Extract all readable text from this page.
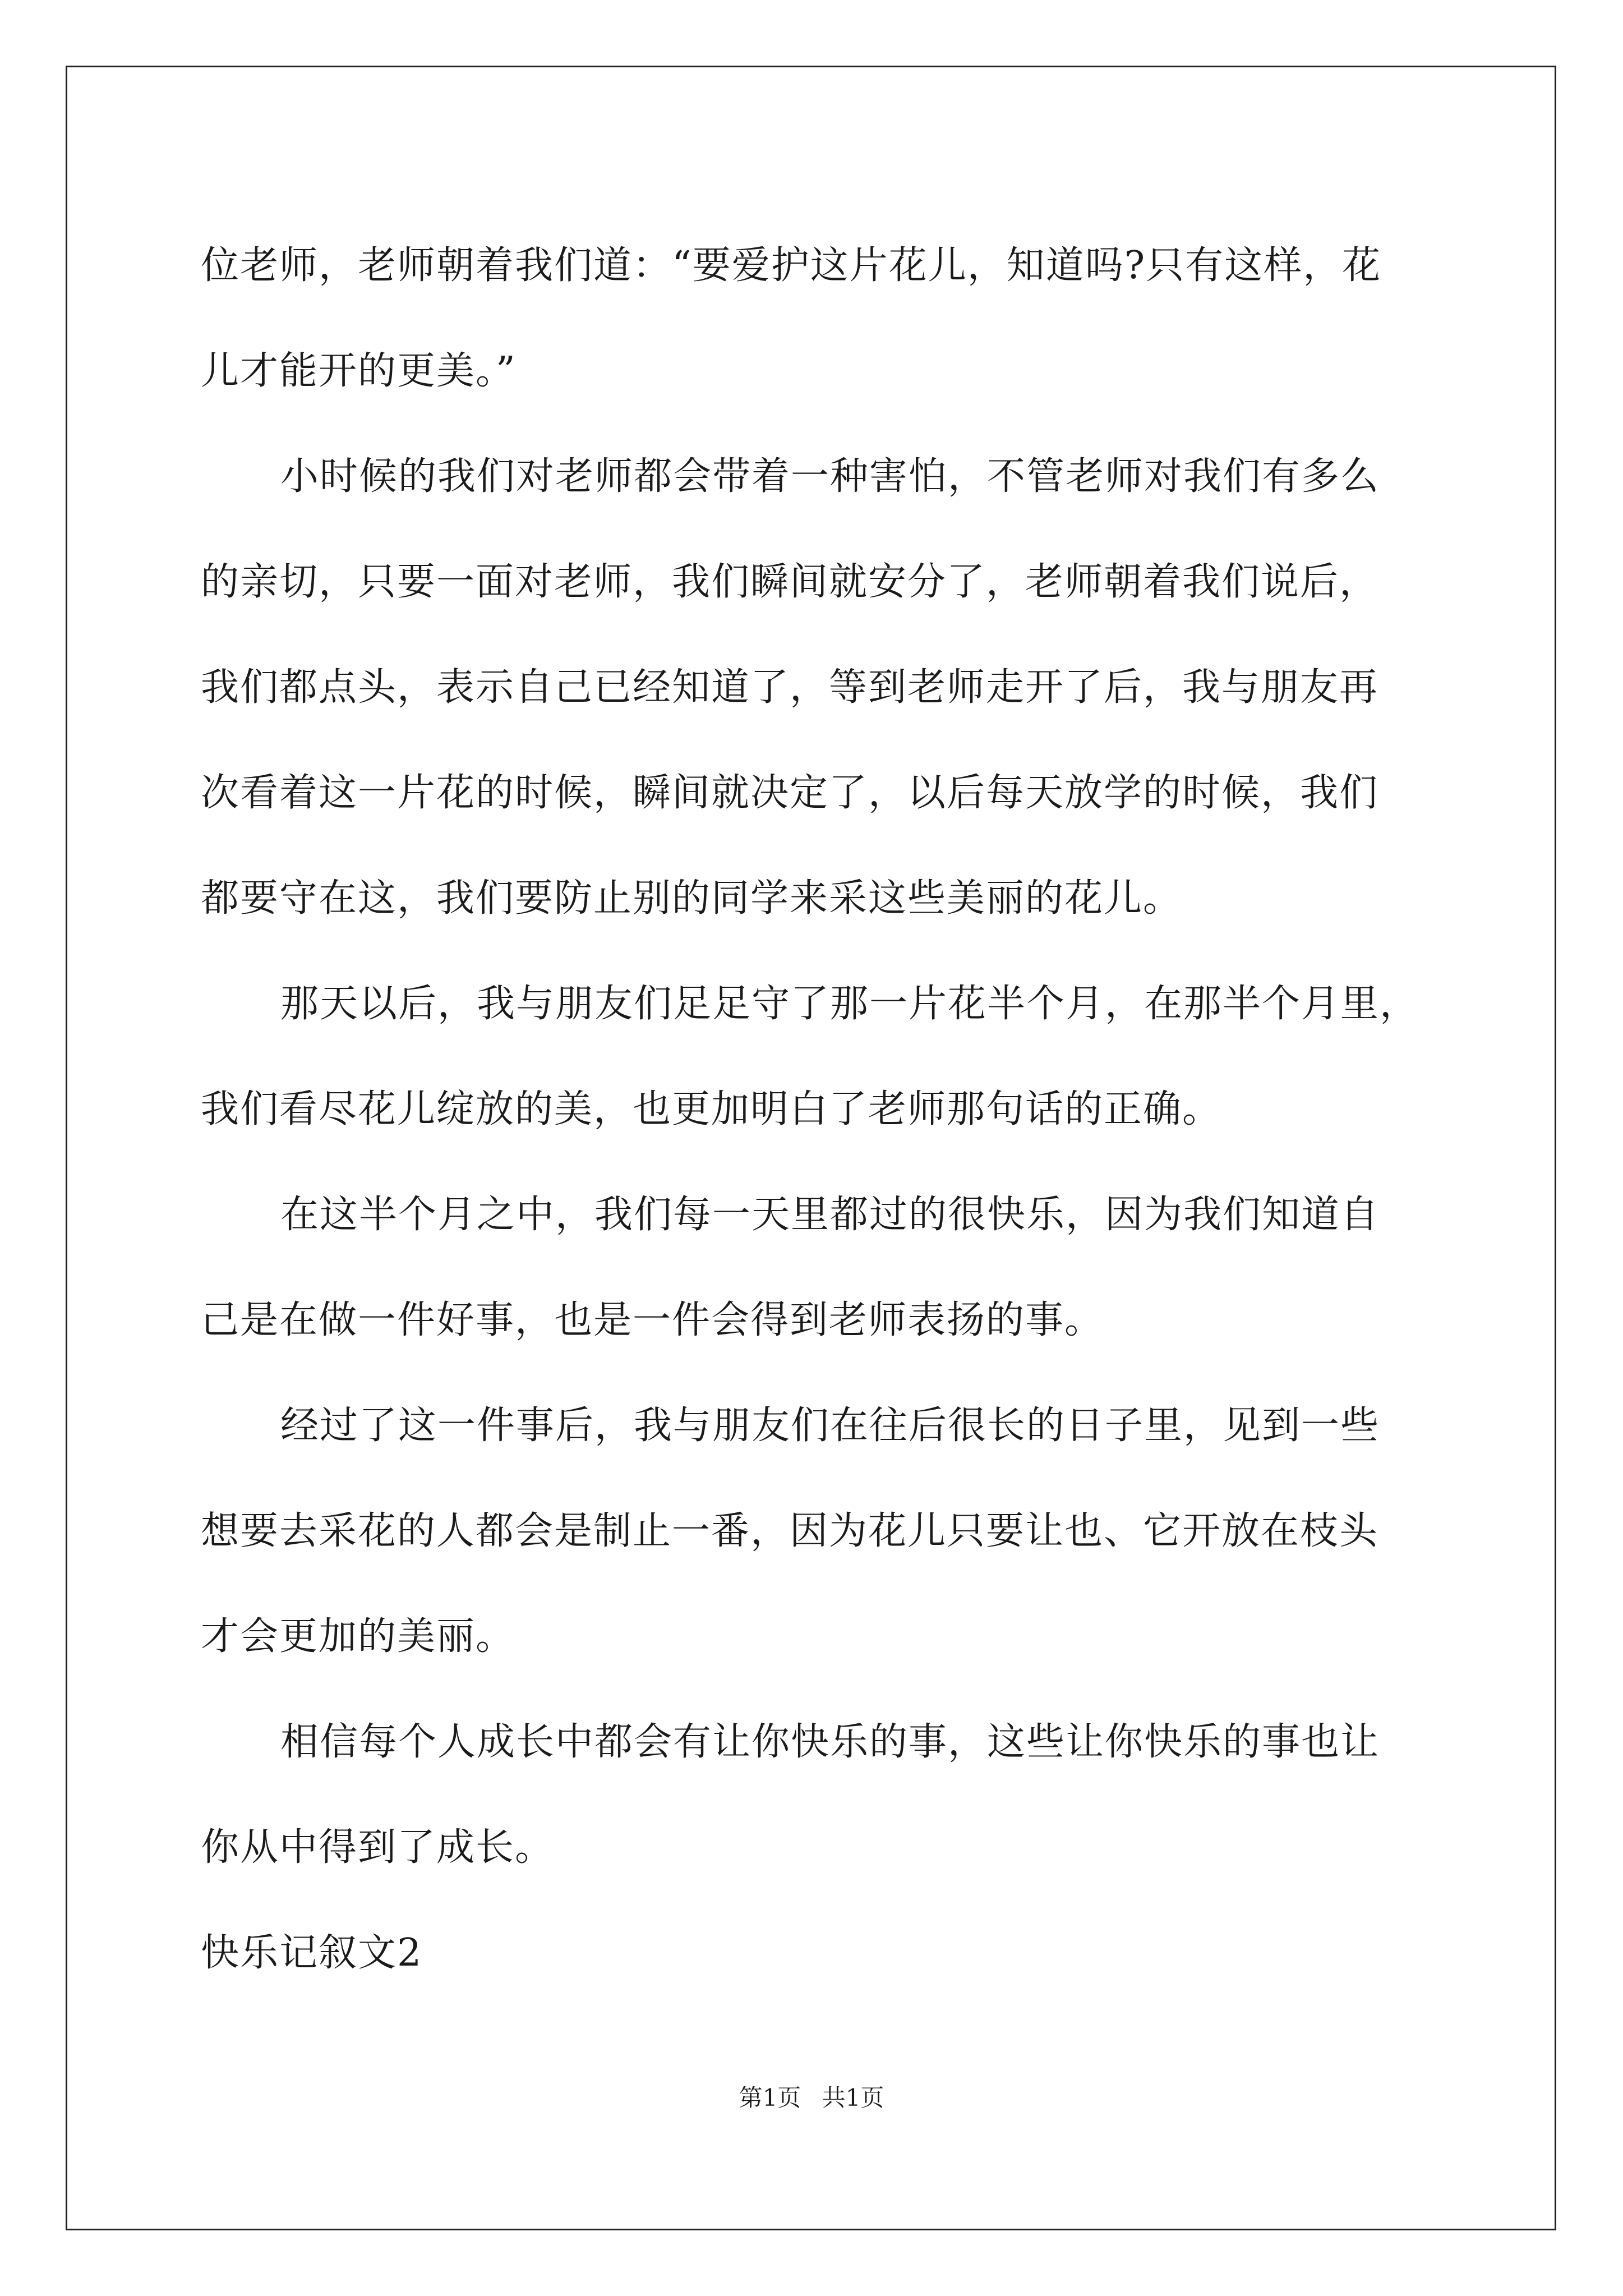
位老师，老师朝着我们道：“要爱护这片花儿，知道吗?只有这样，花
儿才能开的更美。”
小时候的我们对老师都会带着一种害怕，不管老师对我们有多么
的亲切，只要一面对老师，我们瞬间就安分了，老师朝着我们说后，
我们都点头，表示自己已经知道了，等到老师走开了后，我与朋友再
次看着这一片花的时候，瞬间就决定了，以后每天放学的时候，我们
都要守在这，我们要防止别的同学来采这些美丽的花儿。
那天以后，我与朋友们足足守了那一片花半个月，在那半个月里，
我们看尽花儿绽放的美，也更加明白了老师那句话的正确。
在这半个月之中，我们每一天里都过的很快乐，因为我们知道自
己是在做一件好事，也是一件会得到老师表扬的事。
经过了这一件事后，我与朋友们在往后很长的日子里，见到一些
想要去采花的人都会是制止一番，因为花儿只要让也、它开放在枝头
才会更加的美丽。
相信每个人成长中都会有让你快乐的事，这些让你快乐的事也让
你从中得到了成长。
快乐记叙文2
第1页 共1页
